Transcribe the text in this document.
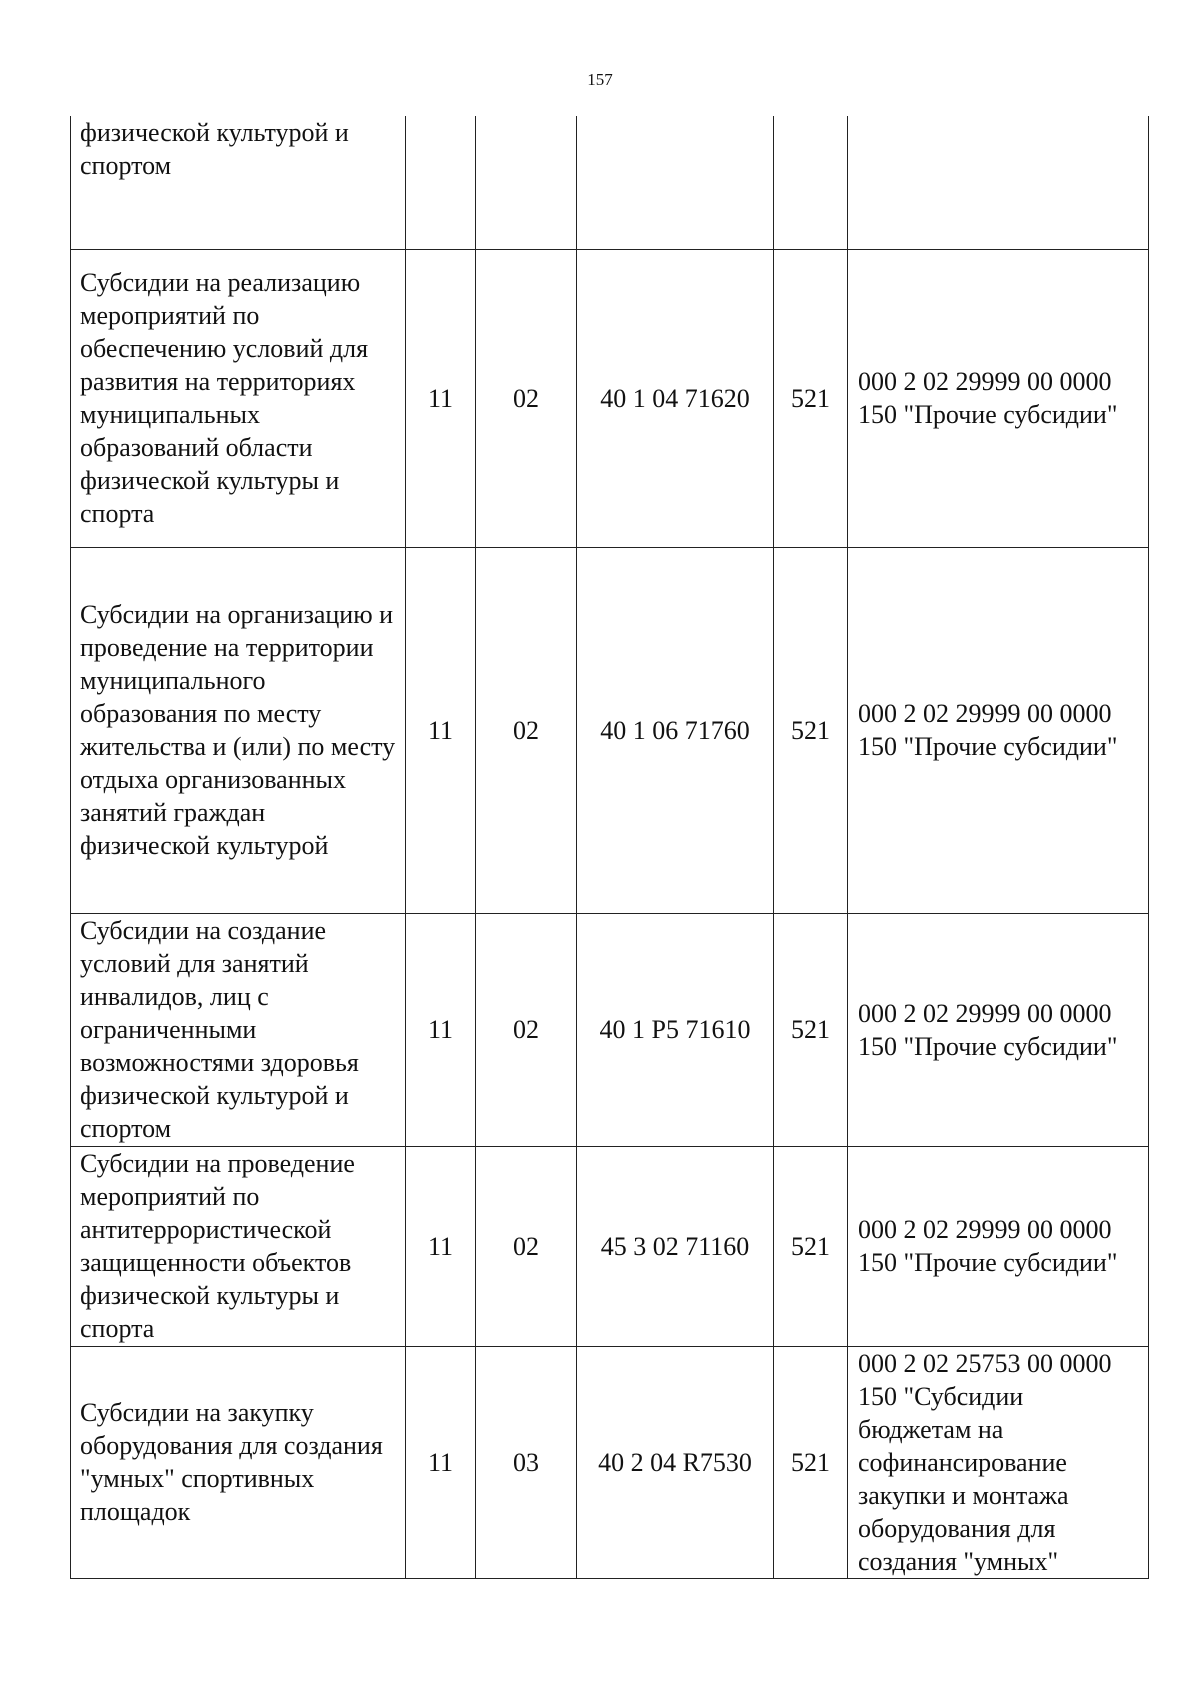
157
физической культурой и спортом					
Субсидии на реализацию мероприятий по обеспечению условий для развития на территориях муниципальных образований области физической культуры и спорта	11	02	40 1 04 71620	521	000 2 02 29999 00 0000 150 "Прочие субсидии"
Субсидии на организацию и проведение на территории муниципального образования по месту жительства и (или) по месту отдыха организованных занятий граждан физической культурой	11	02	40 1 06 71760	521	000 2 02 29999 00 0000 150 "Прочие субсидии"
Субсидии на создание условий для занятий инвалидов, лиц с ограниченными возможностями здоровья физической культурой и спортом	11	02	40 1 Р5 71610	521	000 2 02 29999 00 0000 150 "Прочие субсидии"
Субсидии на проведение мероприятий по антитеррористической защищенности объектов физической культуры и спорта	11	02	45 3 02 71160	521	000 2 02 29999 00 0000 150 "Прочие субсидии"
Субсидии на закупку оборудования для создания "умных" спортивных площадок	11	03	40 2 04 R7530	521	000 2 02 25753 00 0000 150 "Субсидии бюджетам на софинансирование закупки и монтажа оборудования для создания "умных"
